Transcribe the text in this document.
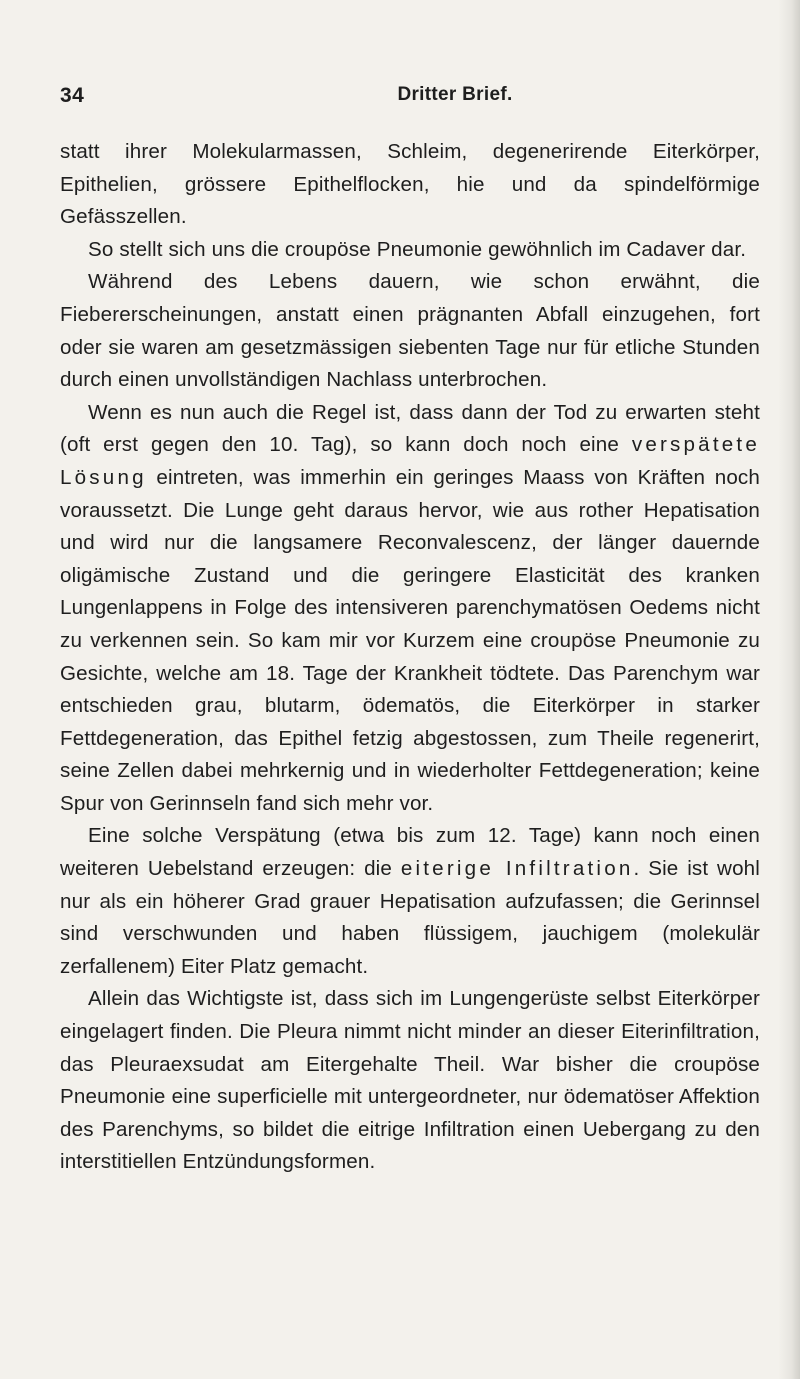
34	Dritter Brief.

statt ihrer Molekularmassen, Schleim, degenerirende Eiterkörper, Epithelien, grössere Epithelflocken, hie und da spindelförmige Gefässzellen.

So stellt sich uns die croupöse Pneumonie gewöhnlich im Cadaver dar.

Während des Lebens dauern, wie schon erwähnt, die Fiebererscheinungen, anstatt einen prägnanten Abfall einzugehen, fort oder sie waren am gesetzmässigen siebenten Tage nur für etliche Stunden durch einen unvollständigen Nachlass unterbrochen.

Wenn es nun auch die Regel ist, dass dann der Tod zu erwarten steht (oft erst gegen den 10. Tag), so kann doch noch eine verspätete Lösung eintreten, was immerhin ein geringes Maass von Kräften noch voraussetzt. Die Lunge geht daraus hervor, wie aus rother Hepatisation und wird nur die langsamere Reconvalescenz, der länger dauernde oligämische Zustand und die geringere Elasticität des kranken Lungenlappens in Folge des intensiveren parenchymatösen Oedems nicht zu verkennen sein. So kam mir vor Kurzem eine croupöse Pneumonie zu Gesichte, welche am 18. Tage der Krankheit tödtete. Das Parenchym war entschieden grau, blutarm, ödematös, die Eiterkörper in starker Fettdegeneration, das Epithel fetzig abgestossen, zum Theile regenerirt, seine Zellen dabei mehrkernig und in wiederholter Fettdegeneration; keine Spur von Gerinnseln fand sich mehr vor.

Eine solche Verspätung (etwa bis zum 12. Tage) kann noch einen weiteren Uebelstand erzeugen: die eiterige Infiltration. Sie ist wohl nur als ein höherer Grad grauer Hepatisation aufzufassen; die Gerinnsel sind verschwunden und haben flüssigem, jauchigem (molekulär zerfallenem) Eiter Platz gemacht.

Allein das Wichtigste ist, dass sich im Lungengerüste selbst Eiterkörper eingelagert finden. Die Pleura nimmt nicht minder an dieser Eiterinfiltration, das Pleuraexsudat am Eitergehalte Theil. War bisher die croupöse Pneumonie eine superficielle mit untergeordneter, nur ödematöser Affektion des Parenchyms, so bildet die eitrige Infiltration einen Uebergang zu den interstitiellen Entzündungsformen.
